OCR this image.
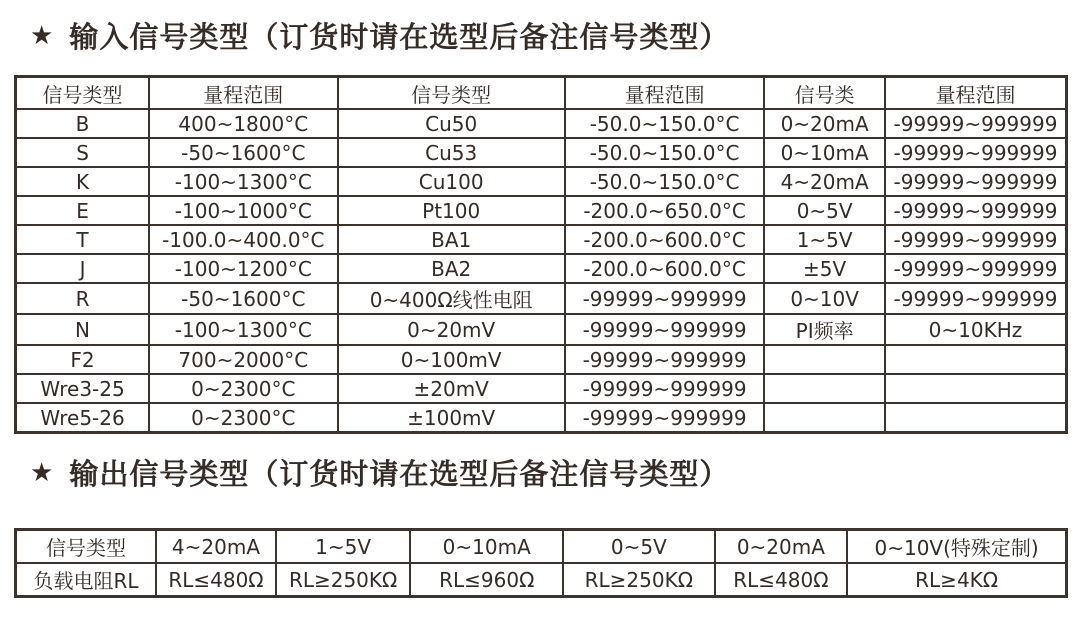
★ 输入信号类型（订货时请在选型后备注信号类型）
信号类型	量程范围	信号类型	量程范围	信号类	量程范围
B	400~1800°C	Cu50	-50.0~150.0°C	0~20mA	-99999~999999
S	-50~1600°C	Cu53	-50.0~150.0°C	0~10mA	-99999~999999
K	-100~1300°C	Cu100	-50.0~150.0°C	4~20mA	-99999~999999
E	-100~1000°C	Pt100	-200.0~650.0°C	0~5V	-99999~999999
T	-100.0~400.0°C	BA1	-200.0~600.0°C	1~5V	-99999~999999
J	-100~1200°C	BA2	-200.0~600.0°C	±5V	-99999~999999
R	-50~1600°C	0~400Ω线性电阻	-99999~999999	0~10V	-99999~999999
N	-100~1300°C	0~20mV	-99999~999999	PI频率	0~10KHz
F2	700~2000°C	0~100mV	-99999~999999		
Wre3-25	0~2300°C	±20mV	-99999~999999		
Wre5-26	0~2300°C	±100mV	-99999~999999		
★ 输出信号类型（订货时请在选型后备注信号类型）
信号类型	4~20mA	1~5V	0~10mA	0~5V	0~20mA	0~10V(特殊定制)
负载电阻RL	RL≤480Ω	RL≥250KΩ	RL≤960Ω	RL≥250KΩ	RL≤480Ω	RL≥4KΩ
